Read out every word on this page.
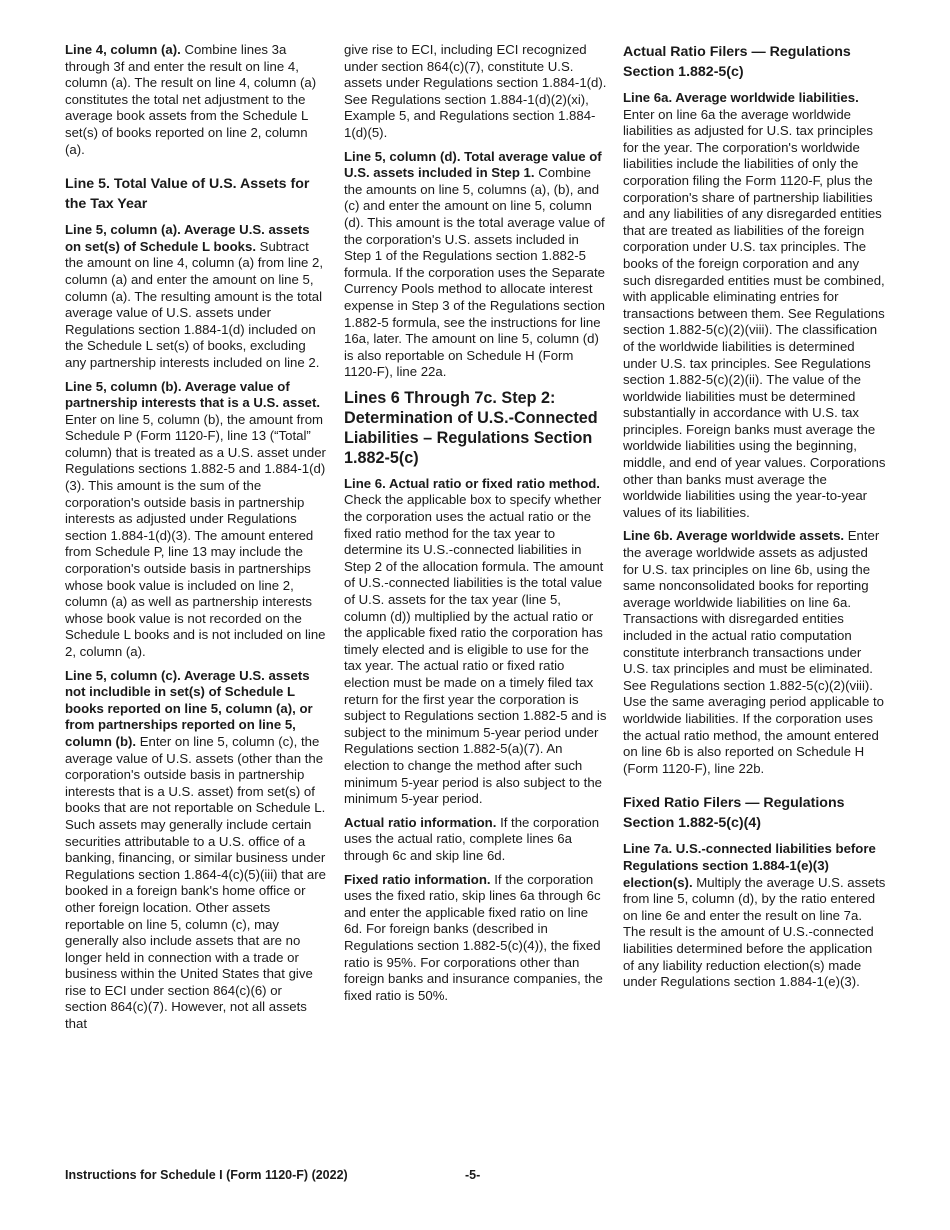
Line 4, column (a). Combine lines 3a through 3f and enter the result on line 4, column (a). The result on line 4, column (a) constitutes the total net adjustment to the average book assets from the Schedule L set(s) of books reported on line 2, column (a).

Line 5. Total Value of U.S. Assets for the Tax Year

Line 5, column (a). Average U.S. assets on set(s) of Schedule L books. Subtract the amount on line 4, column (a) from line 2, column (a) and enter the amount on line 5, column (a). The resulting amount is the total average value of U.S. assets under Regulations section 1.884-1(d) included on the Schedule L set(s) of books, excluding any partnership interests included on line 2.

Line 5, column (b). Average value of partnership interests that is a U.S. asset. Enter on line 5, column (b), the amount from Schedule P (Form 1120-F), line 13 (“Total” column) that is treated as a U.S. asset under Regulations sections 1.882-5 and 1.884-1(d)(3). This amount is the sum of the corporation's outside basis in partnership interests as adjusted under Regulations section 1.884-1(d)(3). The amount entered from Schedule P, line 13 may include the corporation's outside basis in partnerships whose book value is included on line 2, column (a) as well as partnership interests whose book value is not recorded on the Schedule L books and is not included on line 2, column (a).

Line 5, column (c). Average U.S. assets not includible in set(s) of Schedule L books reported on line 5, column (a), or from partnerships reported on line 5, column (b). Enter on line 5, column (c), the average value of U.S. assets (other than the corporation's outside basis in partnership interests that is a U.S. asset) from set(s) of books that are not reportable on Schedule L. Such assets may generally include certain securities attributable to a U.S. office of a banking, financing, or similar business under Regulations section 1.864-4(c)(5)(iii) that are booked in a foreign bank's home office or other foreign location. Other assets reportable on line 5, column (c), may generally also include assets that are no longer held in connection with a trade or business within the United States that give rise to ECI under section 864(c)(6) or section 864(c)(7). However, not all assets that

give rise to ECI, including ECI recognized under section 864(c)(7), constitute U.S. assets under Regulations section 1.884-1(d). See Regulations section 1.884-1(d)(2)(xi), Example 5, and Regulations section 1.884-1(d)(5).

Line 5, column (d). Total average value of U.S. assets included in Step 1. Combine the amounts on line 5, columns (a), (b), and (c) and enter the amount on line 5, column (d). This amount is the total average value of the corporation's U.S. assets included in Step 1 of the Regulations section 1.882-5 formula. If the corporation uses the Separate Currency Pools method to allocate interest expense in Step 3 of the Regulations section 1.882-5 formula, see the instructions for line 16a, later. The amount on line 5, column (d) is also reportable on Schedule H (Form 1120-F), line 22a.

Lines 6 Through 7c. Step 2: Determination of U.S.-Connected Liabilities – Regulations Section 1.882-5(c)

Line 6. Actual ratio or fixed ratio method. Check the applicable box to specify whether the corporation uses the actual ratio or the fixed ratio method for the tax year to determine its U.S.-connected liabilities in Step 2 of the allocation formula. The amount of U.S.-connected liabilities is the total value of U.S. assets for the tax year (line 5, column (d)) multiplied by the actual ratio or the applicable fixed ratio the corporation has timely elected and is eligible to use for the tax year. The actual ratio or fixed ratio election must be made on a timely filed tax return for the first year the corporation is subject to Regulations section 1.882-5 and is subject to the minimum 5-year period under Regulations section 1.882-5(a)(7). An election to change the method after such minimum 5-year period is also subject to the minimum 5-year period.

Actual ratio information. If the corporation uses the actual ratio, complete lines 6a through 6c and skip line 6d.

Fixed ratio information. If the corporation uses the fixed ratio, skip lines 6a through 6c and enter the applicable fixed ratio on line 6d. For foreign banks (described in Regulations section 1.882-5(c)(4)), the fixed ratio is 95%. For corporations other than foreign banks and insurance companies, the fixed ratio is 50%.

Actual Ratio Filers — Regulations Section 1.882-5(c)

Line 6a. Average worldwide liabilities. Enter on line 6a the average worldwide liabilities as adjusted for U.S. tax principles for the year. The corporation's worldwide liabilities include the liabilities of only the corporation filing the Form 1120-F, plus the corporation's share of partnership liabilities and any liabilities of any disregarded entities that are treated as liabilities of the foreign corporation under U.S. tax principles. The books of the foreign corporation and any such disregarded entities must be combined, with applicable eliminating entries for transactions between them. See Regulations section 1.882-5(c)(2)(viii). The classification of the worldwide liabilities is determined under U.S. tax principles. See Regulations section 1.882-5(c)(2)(ii). The value of the worldwide liabilities must be determined substantially in accordance with U.S. tax principles. Foreign banks must average the worldwide liabilities using the beginning, middle, and end of year values. Corporations other than banks must average the worldwide liabilities using the year-to-year values of its liabilities.

Line 6b. Average worldwide assets. Enter the average worldwide assets as adjusted for U.S. tax principles on line 6b, using the same nonconsolidated books for reporting average worldwide liabilities on line 6a. Transactions with disregarded entities included in the actual ratio computation constitute interbranch transactions under U.S. tax principles and must be eliminated. See Regulations section 1.882-5(c)(2)(viii). Use the same averaging period applicable to worldwide liabilities. If the corporation uses the actual ratio method, the amount entered on line 6b is also reported on Schedule H (Form 1120-F), line 22b.

Fixed Ratio Filers — Regulations Section 1.882-5(c)(4)

Line 7a. U.S.-connected liabilities before Regulations section 1.884-1(e)(3) election(s). Multiply the average U.S. assets from line 5, column (d), by the ratio entered on line 6e and enter the result on line 7a. The result is the amount of U.S.-connected liabilities determined before the application of any liability reduction election(s) made under Regulations section 1.884-1(e)(3).

Instructions for Schedule I (Form 1120-F) (2022)	-5-
